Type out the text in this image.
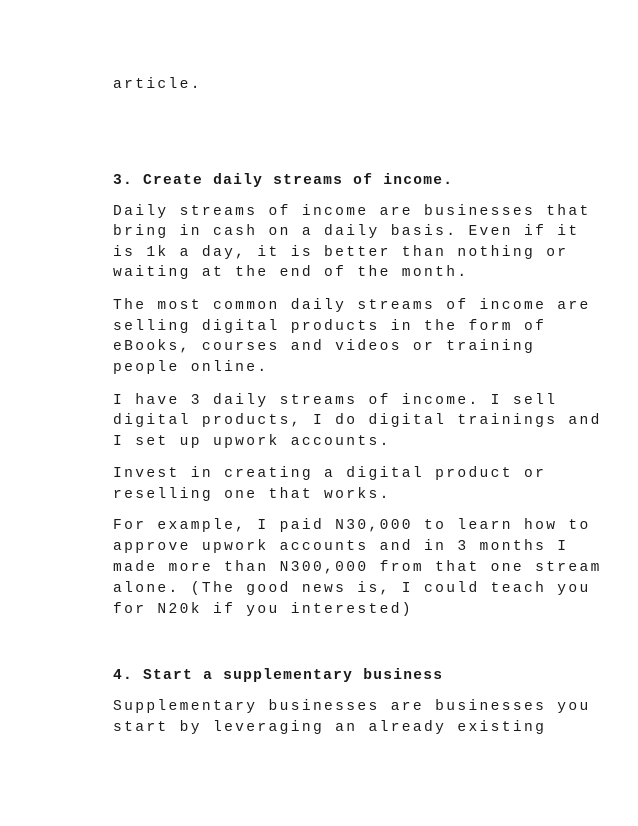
article.
3. Create daily streams of income.
Daily streams of income are businesses that
bring in cash on a daily basis. Even if it
is 1k a day, it is better than nothing or
waiting at the end of the month.
The most common daily streams of income are
selling digital products in the form of
eBooks, courses and videos or training
people online.
I have 3 daily streams of income. I sell
digital products, I do digital trainings and
I set up upwork accounts.
Invest in creating a digital product or
reselling one that works.
For example, I paid N30,000 to learn how to
approve upwork accounts and in 3 months I
made more than N300,000 from that one stream
alone. (The good news is, I could teach you
for N20k if you interested)
4. Start a supplementary business
Supplementary businesses are businesses you
start by leveraging an already existing
